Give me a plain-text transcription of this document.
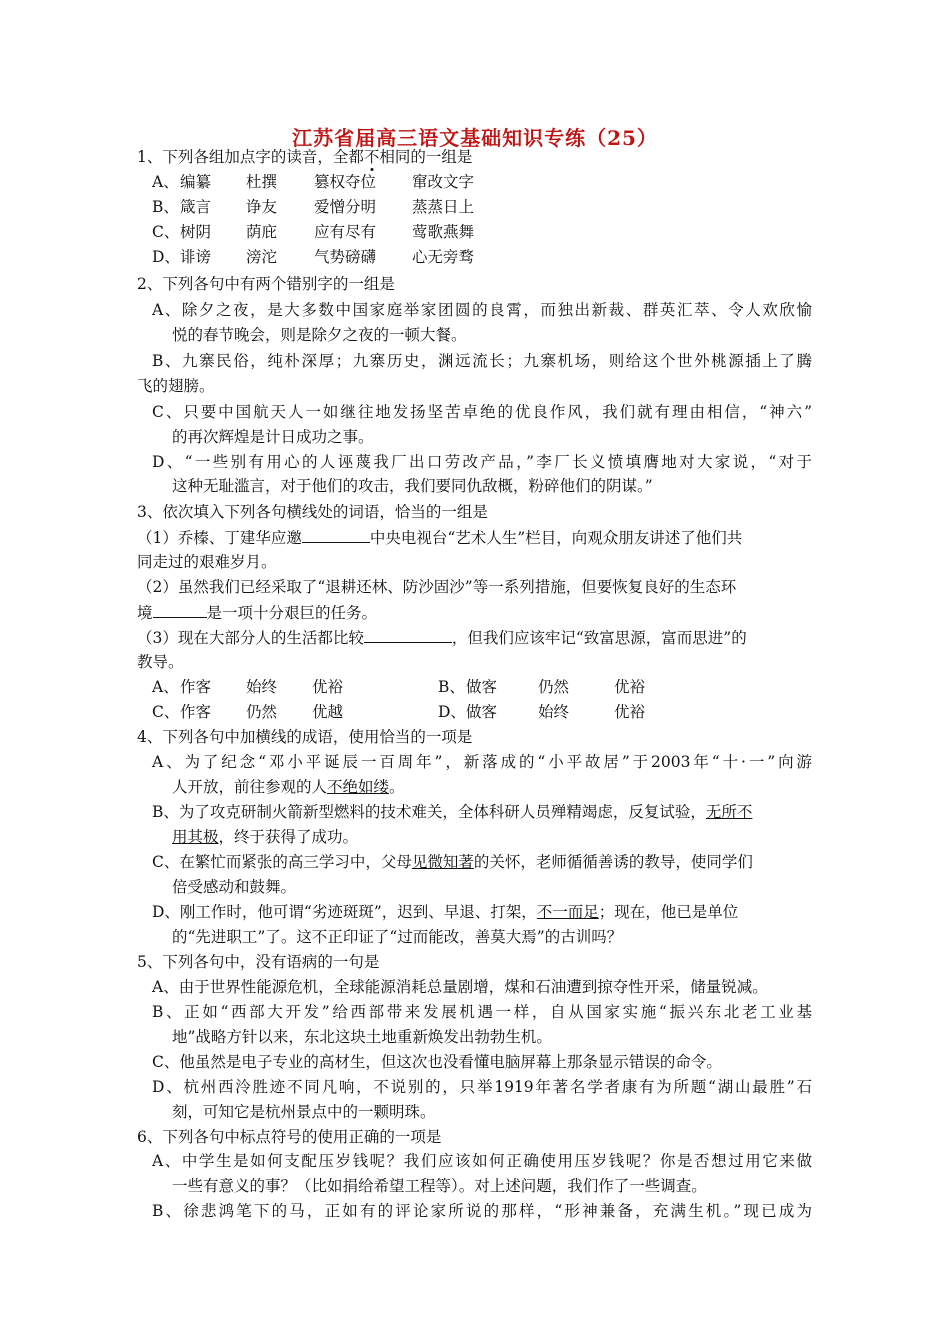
江苏省届高三语文基础知识专练（25）
1、下列各组加点字的读音，全都不相同的一组是
A、 编纂 杜撰 篡权夺位 窜改文字
B、 箴言 诤友 爱憎分明 蒸蒸日上
C、 树阴 荫庇 应有尽有 莺歌燕舞
D、 诽谤 滂沱 气势磅礴 心无旁骛
2、下列各句中有两个错别字的一组是
A、除夕之夜，是大多数中国家庭举家团圆的良霄，而独出新裁、群英汇萃、令人欢欣愉
悦的春节晚会，则是除夕之夜的一顿大餐。
B、九寨民俗，纯朴深厚；九寨历史，渊远流长；九寨机场，则给这个世外桃源插上了腾
飞的翅膀。
C、只要中国航天人一如继往地发扬坚苦卓绝的优良作风，我们就有理由相信，“神六”
的再次辉煌是计日成功之事。
D、“一些别有用心的人诬蔑我厂出口劳改产品，”李厂长义愤填膺地对大家说，“对于
这种无耻滥言，对于他们的攻击，我们要同仇敌概，粉碎他们的阴谋。”
3、依次填入下列各句横线处的词语，恰当的一组是
（1）乔榛、丁建华应邀	中央电视台“艺术人生”栏目，向观众朋友讲述了他们共
同走过的艰难岁月。
（2）虽然我们已经采取了“退耕还林、防沙固沙”等一系列措施，但要恢复良好的生态环
境	是一项十分艰巨的任务。
（3）现在大部分人的生活都比较	，但我们应该牢记“致富思源，富而思进”的
教导。
A、 作客 始终 优裕	B、 做客	仍然	优裕
C、 作客 仍然 优越	D、 做客	始终	优裕
4、下列各句中加横线的成语，使用恰当的一项是
A、为了纪念“邓小平诞辰一百周年”，新落成的“小平故居”于2003年“十·一”向游
人开放，前往参观的人不绝如缕。
B、为了攻克研制火箭新型燃料的技术难关，全体科研人员殚精竭虑，反复试验，无所不
用其极，终于获得了成功。
C、在繁忙而紧张的高三学习中，父母见微知著的关怀，老师循循善诱的教导，使同学们
倍受感动和鼓舞。
D、刚工作时，他可谓“劣迹斑斑”，迟到、早退、打架，不一而足；现在，他已是单位
的“先进职工”了。这不正印证了“过而能改，善莫大焉”的古训吗？
5、下列各句中，没有语病的一句是
A、由于世界性能源危机，全球能源消耗总量剧增，煤和石油遭到掠夺性开采，储量锐减。
B、正如“西部大开发”给西部带来发展机遇一样，自从国家实施“振兴东北老工业基
地”战略方针以来，东北这块土地重新焕发出勃勃生机。
C、他虽然是电子专业的高材生，但这次也没看懂电脑屏幕上那条显示错误的命令。
D、杭州西泠胜迹不同凡响，不说别的，只举1919年著名学者康有为所题“湖山最胜”石
刻，可知它是杭州景点中的一颗明珠。
6、下列各句中标点符号的使用正确的一项是
A、中学生是如何支配压岁钱呢？我们应该如何正确使用压岁钱呢？你是否想过用它来做
一些有意义的事？（比如捐给希望工程等）。对上述问题，我们作了一些调查。
B、徐悲鸿笔下的马，正如有的评论家所说的那样，“形神兼备，充满生机。”现已成为
